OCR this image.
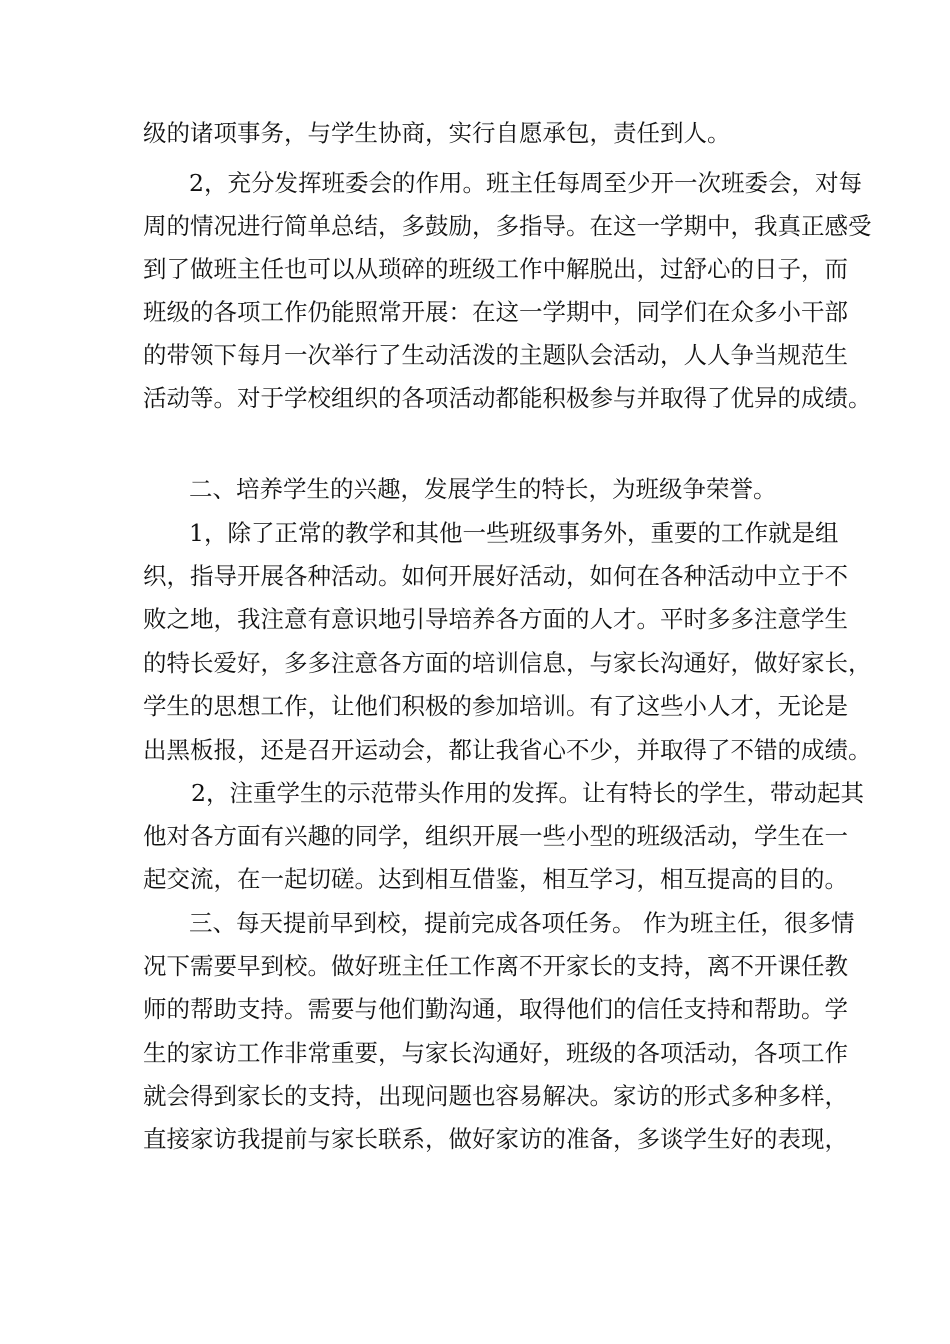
级的诸项事务，与学生协商，实行自愿承包，责任到人。
2，充分发挥班委会的作用。班主任每周至少开一次班委会，对每
周的情况进行简单总结，多鼓励，多指导。在这一学期中，我真正感受
到了做班主任也可以从琐碎的班级工作中解脱出，过舒心的日子，而
班级的各项工作仍能照常开展：在这一学期中，同学们在众多小干部
的带领下每月一次举行了生动活泼的主题队会活动，人人争当规范生
活动等。对于学校组织的各项活动都能积极参与并取得了优异的成绩。
二、培养学生的兴趣，发展学生的特长，为班级争荣誉。
1，除了正常的教学和其他一些班级事务外，重要的工作就是组
织，指导开展各种活动。如何开展好活动，如何在各种活动中立于不
败之地，我注意有意识地引导培养各方面的人才。平时多多注意学生
的特长爱好，多多注意各方面的培训信息，与家长沟通好，做好家长，
学生的思想工作，让他们积极的参加培训。有了这些小人才，无论是
出黑板报，还是召开运动会，都让我省心不少，并取得了不错的成绩。
2，注重学生的示范带头作用的发挥。让有特长的学生，带动起其
他对各方面有兴趣的同学，组织开展一些小型的班级活动，学生在一
起交流，在一起切磋。达到相互借鉴，相互学习，相互提高的目的。
三、每天提前早到校，提前完成各项任务。 作为班主任，很多情
况下需要早到校。做好班主任工作离不开家长的支持，离不开课任教
师的帮助支持。需要与他们勤沟通，取得他们的信任支持和帮助。学
生的家访工作非常重要，与家长沟通好，班级的各项活动，各项工作
就会得到家长的支持，出现问题也容易解决。家访的形式多种多样，
直接家访我提前与家长联系，做好家访的准备，多谈学生好的表现，
